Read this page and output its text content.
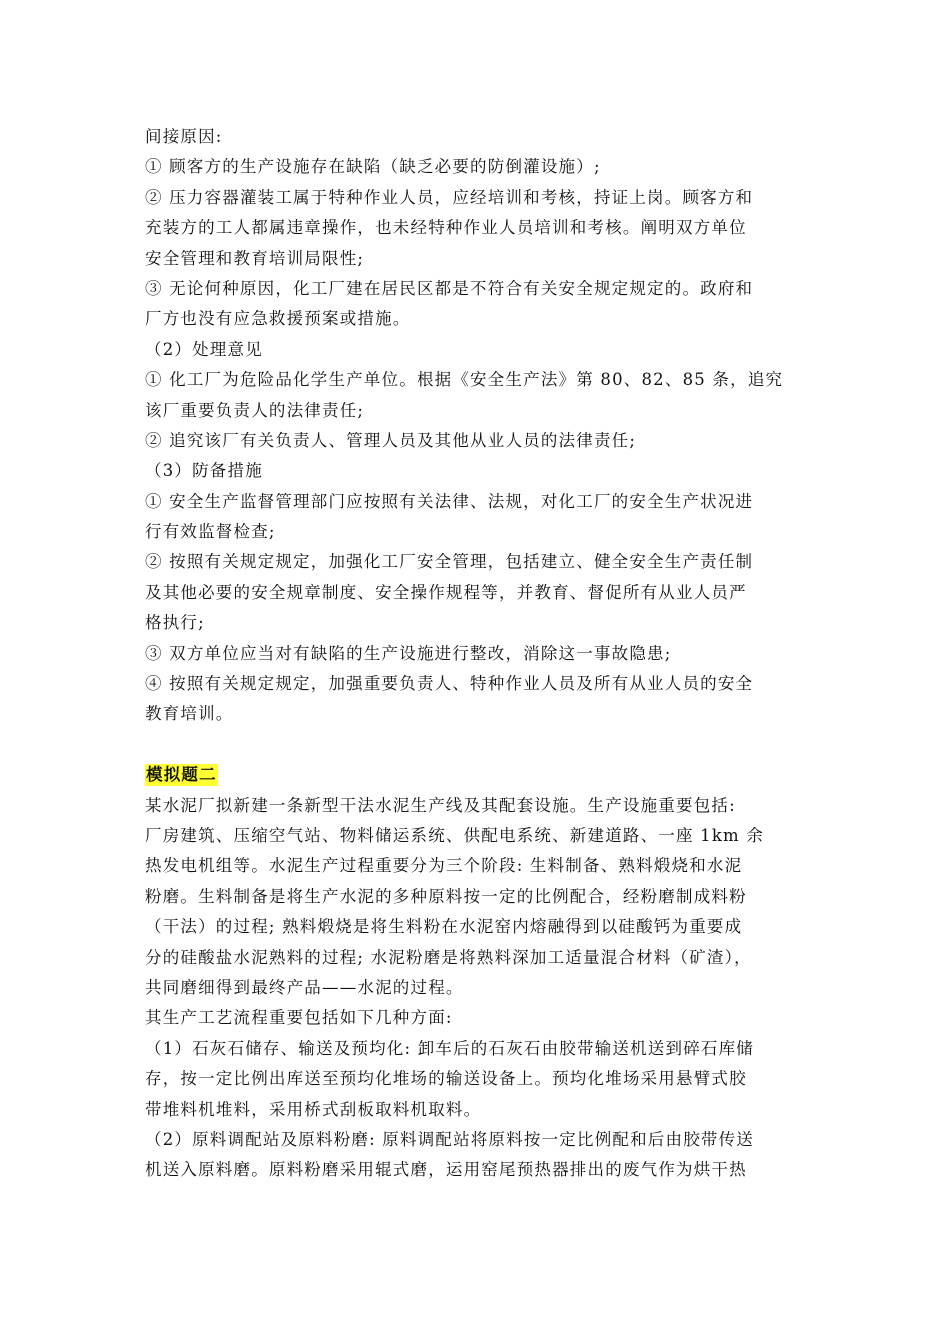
间接原因:
① 顾客方的生产设施存在缺陷（缺乏必要的防倒灌设施）;
② 压力容器灌装工属于特种作业人员，应经培训和考核，持证上岗。顾客方和
充装方的工人都属违章操作，也未经特种作业人员培训和考核。阐明双方单位
安全管理和教育培训局限性;
③ 无论何种原因，化工厂建在居民区都是不符合有关安全规定规定的。政府和
厂方也没有应急救援预案或措施。
（2）处理意见
① 化工厂为危险品化学生产单位。根据《安全生产法》第 80、82、85 条，追究
该厂重要负责人的法律责任;
② 追究该厂有关负责人、管理人员及其他从业人员的法律责任;
（3）防备措施
① 安全生产监督管理部门应按照有关法律、法规，对化工厂的安全生产状况进
行有效监督检查;
② 按照有关规定规定，加强化工厂安全管理，包括建立、健全安全生产责任制
及其他必要的安全规章制度、安全操作规程等，并教育、督促所有从业人员严
格执行;
③ 双方单位应当对有缺陷的生产设施进行整改，消除这一事故隐患;
④ 按照有关规定规定，加强重要负责人、特种作业人员及所有从业人员的安全
教育培训。
模拟题二
某水泥厂拟新建一条新型干法水泥生产线及其配套设施。生产设施重要包括:
厂房建筑、压缩空气站、物料储运系统、供配电系统、新建道路、一座 1km 余
热发电机组等。水泥生产过程重要分为三个阶段: 生料制备、熟料煅烧和水泥
粉磨。生料制备是将生产水泥的多种原料按一定的比例配合，经粉磨制成料粉
（干法）的过程; 熟料煅烧是将生料粉在水泥窑内熔融得到以硅酸钙为重要成
分的硅酸盐水泥熟料的过程; 水泥粉磨是将熟料深加工适量混合材料（矿渣），
共同磨细得到最终产品——水泥的过程。
其生产工艺流程重要包括如下几种方面:
（1）石灰石储存、输送及预均化: 卸车后的石灰石由胶带输送机送到碎石库储
存，按一定比例出库送至预均化堆场的输送设备上。预均化堆场采用悬臂式胶
带堆料机堆料，采用桥式刮板取料机取料。
（2）原料调配站及原料粉磨: 原料调配站将原料按一定比例配和后由胶带传送
机送入原料磨。原料粉磨采用辊式磨，运用窑尾预热器排出的废气作为烘干热
